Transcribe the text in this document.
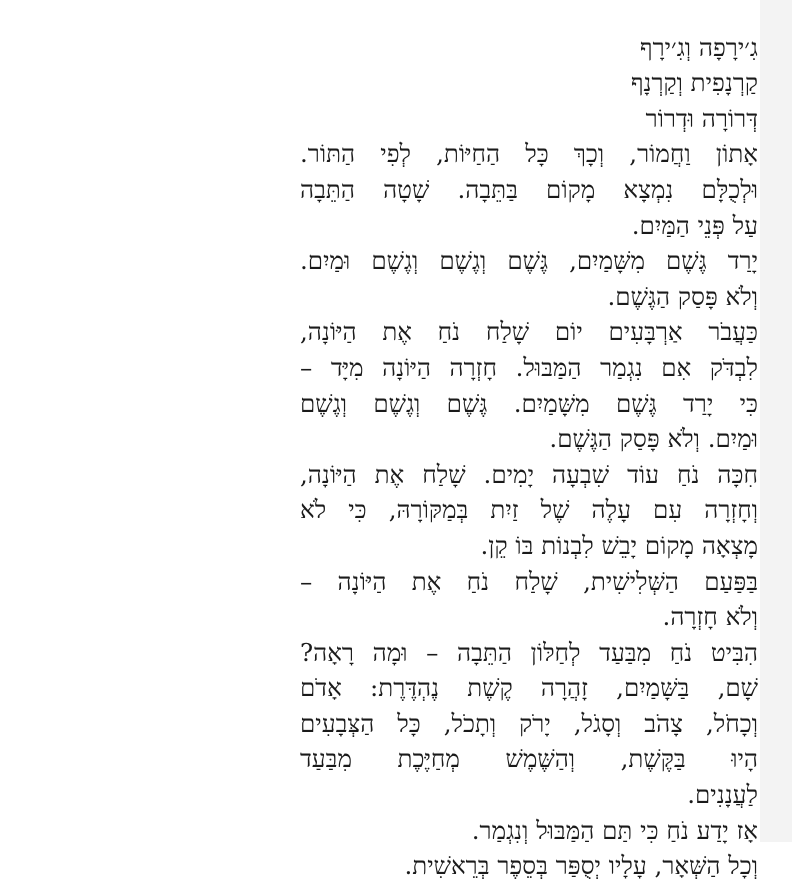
גִ׳ירָפָה וְגִ׳ירָף
קַרְנָפִית וְקַרְנָף
דְּרוֹרָה וּדְרוֹר
אָתוֹן וַחֲמוֹר, וְכָךְ כָּל הַחַיּוֹת, לְפִי הַתּוֹר.
וּלְכֻלָּם נִמְצָא מָקוֹם בַּתֵּבָה. שָׁטָה הַתֵּבָה
עַל פְּנֵי הַמַּיִם.
יָרַד גֶּשֶׁם מִשָּׁמַיִם, גֶּשֶׁם וְגֶשֶׁם וְגֶשֶׁם וּמַיִם.
וְלֹא פָּסַק הַגֶּשֶׁם.
כַּעֲבֹר אַרְבָּעִים יוֹם שָׁלַח נֹחַ אֶת הַיּוֹנָה,
לִבְדֹּק אִם נִגְמַר הַמַּבּוּל. חָזְרָה הַיּוֹנָה מִיָּד –
כִּי יָרַד גֶּשֶׁם מִשָּׁמַיִם. גֶּשֶׁם וְגֶשֶׁם וְגֶשֶׁם
וּמַיִם. וְלֹא פָּסַק הַגֶּשֶׁם.
חִכָּה נֹחַ עוֹד שִׁבְעָה יָמִים. שָׁלַח אֶת הַיּוֹנָה,
וְחָזְרָה עִם עָלֶה שֶׁל זַיִת בְּמַקּוֹרָהּ, כִּי לֹא
מָצְאָה מָקוֹם יָבֵשׁ לִבְנוֹת בּוֹ קֵן.
בַּפַּעַם הַשְּׁלִישִׁית, שָׁלַח נֹחַ אֶת הַיּוֹנָה –
וְלֹא חָזְרָה.
הִבִּיט נֹחַ מִבַּעַד לְחַלּוֹן הַתֵּבָה – וּמָה רָאָה?
שָׁם, בַּשָּׁמַיִם, זָהֲרָה קֶשֶׁת נֶהְדֶּרֶת: אָדֹם
וְכָחֹל, צָהֹב וְסָגֹל, יָרֹק וְתָכֹל, כָּל הַצְּבָעִים
הָיוּ בַּקֶּשֶׁת, וְהַשֶּׁמֶשׁ מְחַיֶּכֶת מִבַּעַד
לַעֲנָנִים.
אָז יָדַע נֹחַ כִּי תַּם הַמַּבּוּל וְנִגְמַר.
וְכָל הַשְּׁאָר, עָלָיו יְסֻפַּר בְּסֵפֶר בְּרֵאשִׁית.
